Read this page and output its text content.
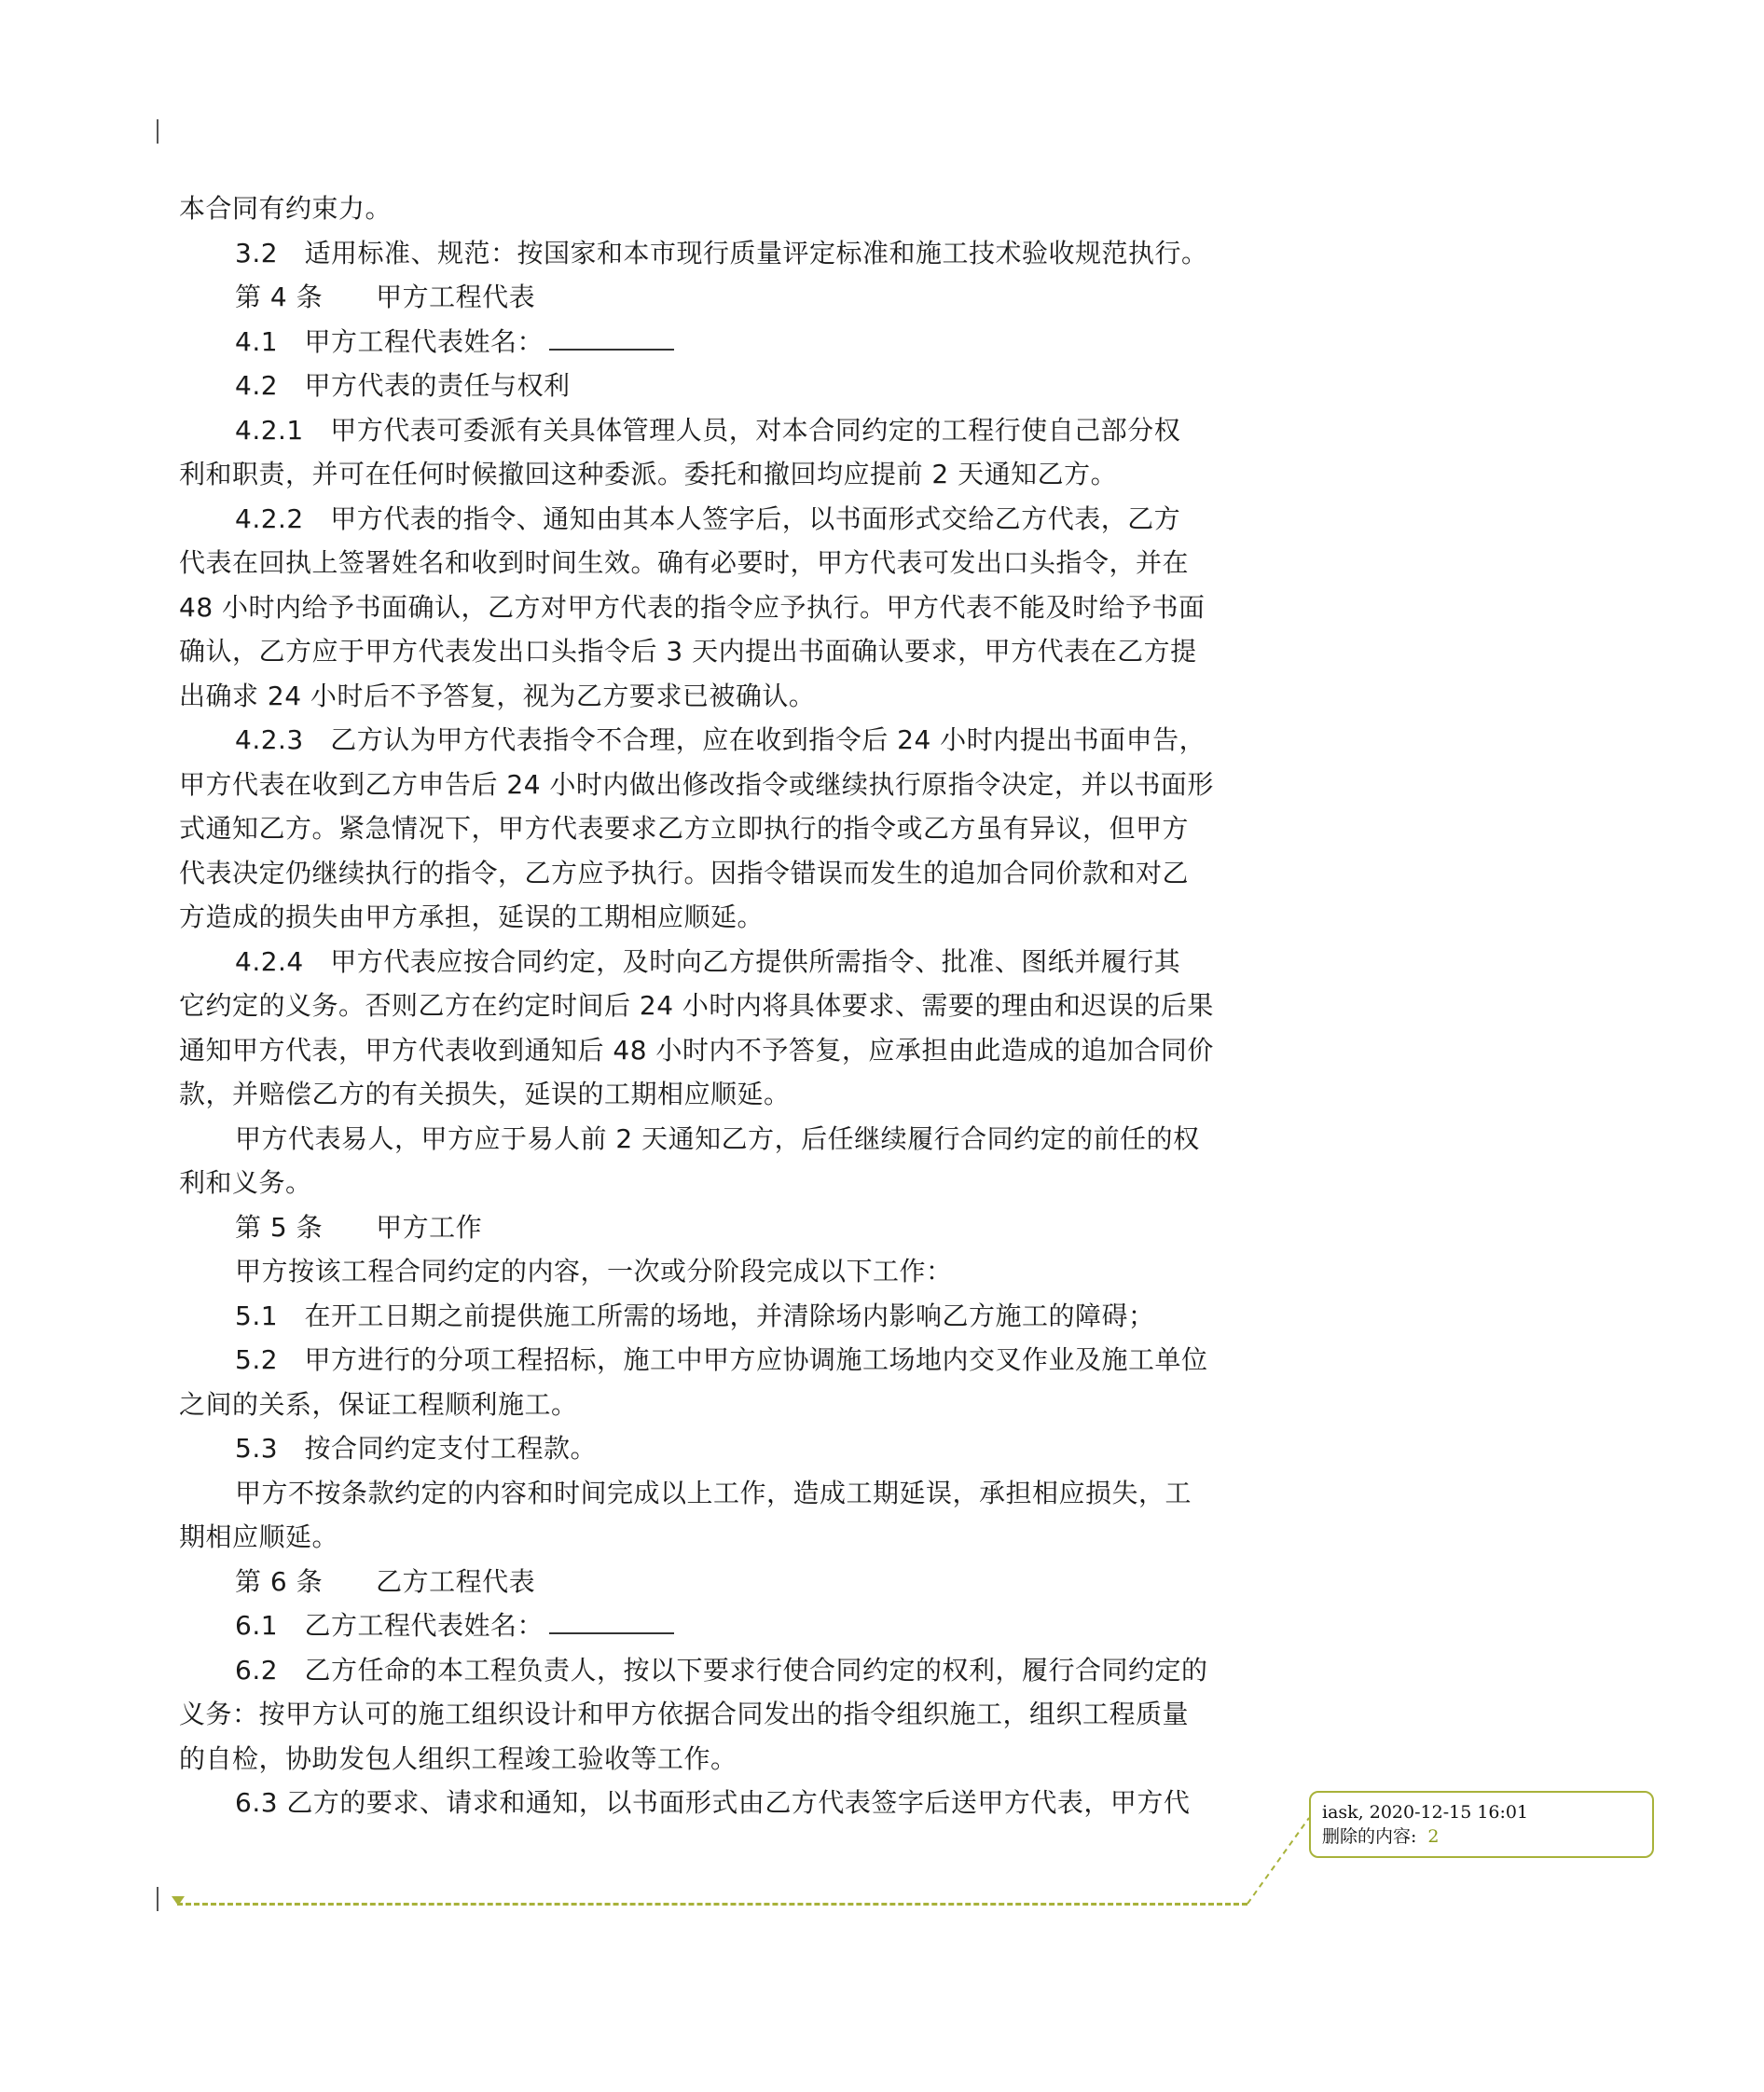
本合同有约束力。

3.2　适用标准、规范：按国家和本市现行质量评定标准和施工技术验收规范执行。

第 4 条　　甲方工程代表

4.1　甲方工程代表姓名：

4.2　甲方代表的责任与权利

4.2.1　甲方代表可委派有关具体管理人员，对本合同约定的工程行使自己部分权

利和职责，并可在任何时候撤回这种委派。委托和撤回均应提前 2 天通知乙方。

4.2.2　甲方代表的指令、通知由其本人签字后，以书面形式交给乙方代表，乙方

代表在回执上签署姓名和收到时间生效。确有必要时，甲方代表可发出口头指令，并在

48 小时内给予书面确认，乙方对甲方代表的指令应予执行。甲方代表不能及时给予书面

确认，乙方应于甲方代表发出口头指令后 3 天内提出书面确认要求，甲方代表在乙方提

出确求 24 小时后不予答复，视为乙方要求已被确认。

4.2.3　乙方认为甲方代表指令不合理，应在收到指令后 24 小时内提出书面申告，

甲方代表在收到乙方申告后 24 小时内做出修改指令或继续执行原指令决定，并以书面形

式通知乙方。紧急情况下，甲方代表要求乙方立即执行的指令或乙方虽有异议，但甲方

代表决定仍继续执行的指令，乙方应予执行。因指令错误而发生的追加合同价款和对乙

方造成的损失由甲方承担，延误的工期相应顺延。

4.2.4　甲方代表应按合同约定，及时向乙方提供所需指令、批准、图纸并履行其

它约定的义务。否则乙方在约定时间后 24 小时内将具体要求、需要的理由和迟误的后果

通知甲方代表，甲方代表收到通知后 48 小时内不予答复，应承担由此造成的追加合同价

款，并赔偿乙方的有关损失，延误的工期相应顺延。

甲方代表易人，甲方应于易人前 2 天通知乙方，后任继续履行合同约定的前任的权

利和义务。

第 5 条　　甲方工作

甲方按该工程合同约定的内容，一次或分阶段完成以下工作：

5.1　在开工日期之前提供施工所需的场地，并清除场内影响乙方施工的障碍；

5.2　甲方进行的分项工程招标，施工中甲方应协调施工场地内交叉作业及施工单位

之间的关系，保证工程顺利施工。

5.3　按合同约定支付工程款。

甲方不按条款约定的内容和时间完成以上工作，造成工期延误，承担相应损失，工

期相应顺延。

第 6 条　　乙方工程代表

6.1　乙方工程代表姓名：

6.2　乙方任命的本工程负责人，按以下要求行使合同约定的权利，履行合同约定的

义务：按甲方认可的施工组织设计和甲方依据合同发出的指令组织施工，组织工程质量

的自检，协助发包人组织工程竣工验收等工作。

6.3 乙方的要求、请求和通知，以书面形式由乙方代表签字后送甲方代表，甲方代	iask, 2020-12-15 16:01
删除的内容: 2
